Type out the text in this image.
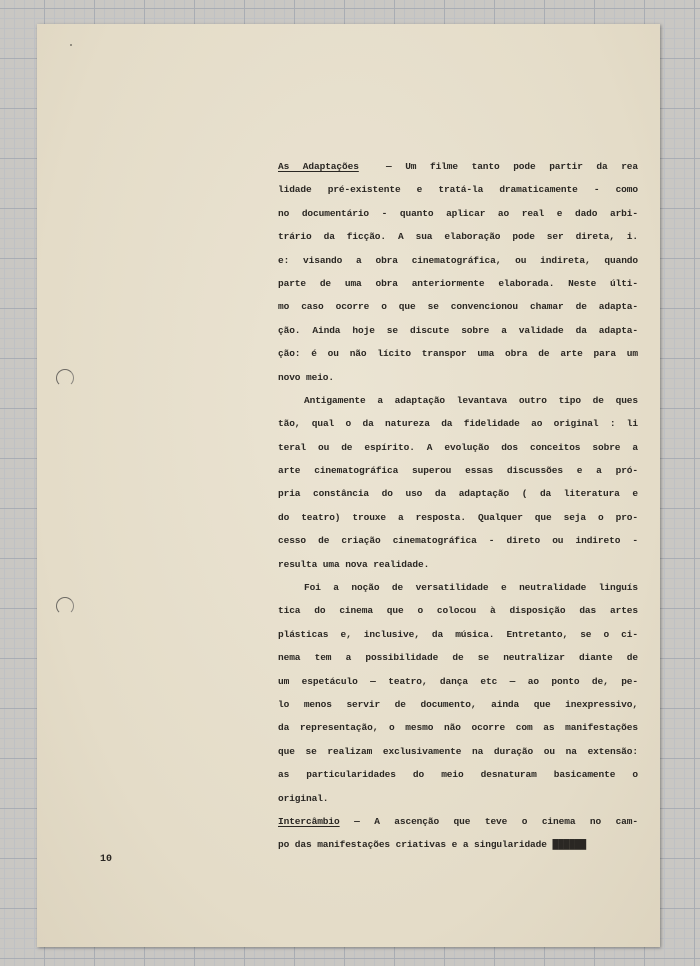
As Adaptações	— Um filme tanto pode partir da rea
lidade pré-existente e tratá-la dramaticamente - como
no documentário - quanto aplicar ao real e dado arbi-
trário da ficção. A sua elaboração pode ser direta, i.
e: visando a obra cinematográfica, ou indireta, quando
parte de uma obra anteriormente elaborada. Neste últi-
mo caso ocorre o que se convencionou chamar de adapta-
ção. Ainda hoje se discute sobre a validade da adapta-
ção: é ou não lícito transpor uma obra de arte para um
novo meio.
Antigamente a adaptação levantava outro tipo de ques
tão, qual o da natureza da fidelidade ao original : li
teral ou de espírito. A evolução dos conceitos sobre a
arte cinematográfica superou essas discussões e a pró-
pria constância do uso da adaptação ( da literatura e
do teatro) trouxe a resposta. Qualquer que seja o pro-
cesso de criação cinematográfica - direto ou indireto -
resulta uma nova realidade.
Foi a noção de versatilidade e neutralidade linguís
tica do cinema que o colocou à disposição das artes
plásticas e, inclusive, da música. Entretanto, se o ci-
nema tem a possibilidade de se neutralizar diante de
um espetáculo — teatro, dança etc — ao ponto de, pe-
lo menos servir de documento, ainda que inexpressivo,
da representação, o mesmo não ocorre com as manifestações
que se realizam exclusivamente na duração ou na extensão:
as particularidades do meio desnaturam basicamente o
original.
Intercâmbio — A ascenção que teve o cinema no cam-
po das manifestações criativas e a singularidade ██████
10
